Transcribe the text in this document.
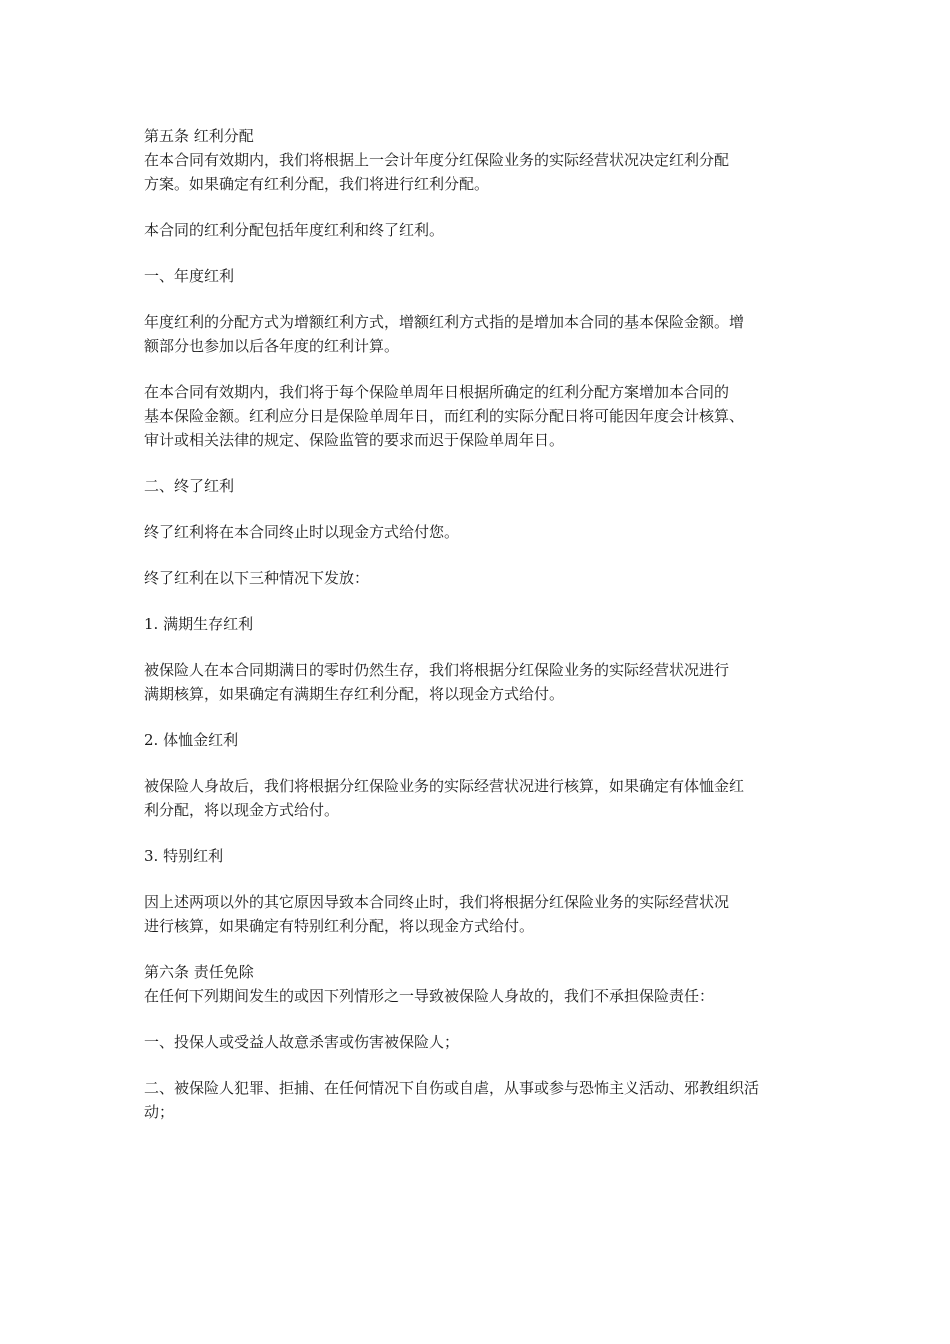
第五条 红利分配

在本合同有效期内，我们将根据上一会计年度分红保险业务的实际经营状况决定红利分配

方案。如果确定有红利分配，我们将进行红利分配。

本合同的红利分配包括年度红利和终了红利。

一、年度红利

年度红利的分配方式为增额红利方式，增额红利方式指的是增加本合同的基本保险金额。增

额部分也参加以后各年度的红利计算。

在本合同有效期内，我们将于每个保险单周年日根据所确定的红利分配方案增加本合同的

基本保险金额。红利应分日是保险单周年日，而红利的实际分配日将可能因年度会计核算、

审计或相关法律的规定、保险监管的要求而迟于保险单周年日。

二、终了红利

终了红利将在本合同终止时以现金方式给付您。

终了红利在以下三种情况下发放：

1. 满期生存红利

被保险人在本合同期满日的零时仍然生存，我们将根据分红保险业务的实际经营状况进行

满期核算，如果确定有满期生存红利分配，将以现金方式给付。

2. 体恤金红利

被保险人身故后，我们将根据分红保险业务的实际经营状况进行核算，如果确定有体恤金红

利分配，将以现金方式给付。

3. 特别红利

因上述两项以外的其它原因导致本合同终止时，我们将根据分红保险业务的实际经营状况

进行核算，如果确定有特别红利分配，将以现金方式给付。

第六条 责任免除

在任何下列期间发生的或因下列情形之一导致被保险人身故的，我们不承担保险责任：

一、投保人或受益人故意杀害或伤害被保险人；

二、被保险人犯罪、拒捕、在任何情况下自伤或自虐，从事或参与恐怖主义活动、邪教组织活

动；
